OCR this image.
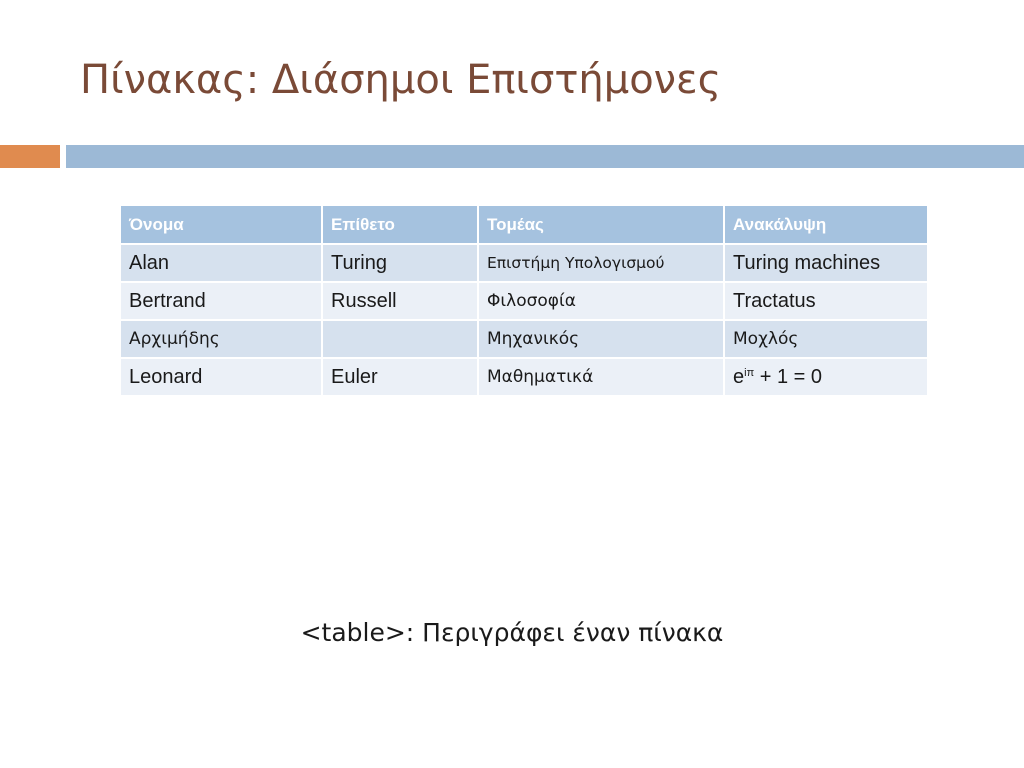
Πίνακας: Διάσημοι Επιστήμονες
Όνομα	Επίθετο	Τομέας	Ανακάλυψη
Alan	Turing	Επιστήμη Υπολογισμού	Turing machines
Bertrand	Russell	Φιλοσοφία	Tractatus
Αρχιμήδης		Μηχανικός	Μοχλός
Leonard	Euler	Μαθηματικά	$e^{i\pi} + 1 = 0$

<table>: Περιγράφει έναν πίνακα
